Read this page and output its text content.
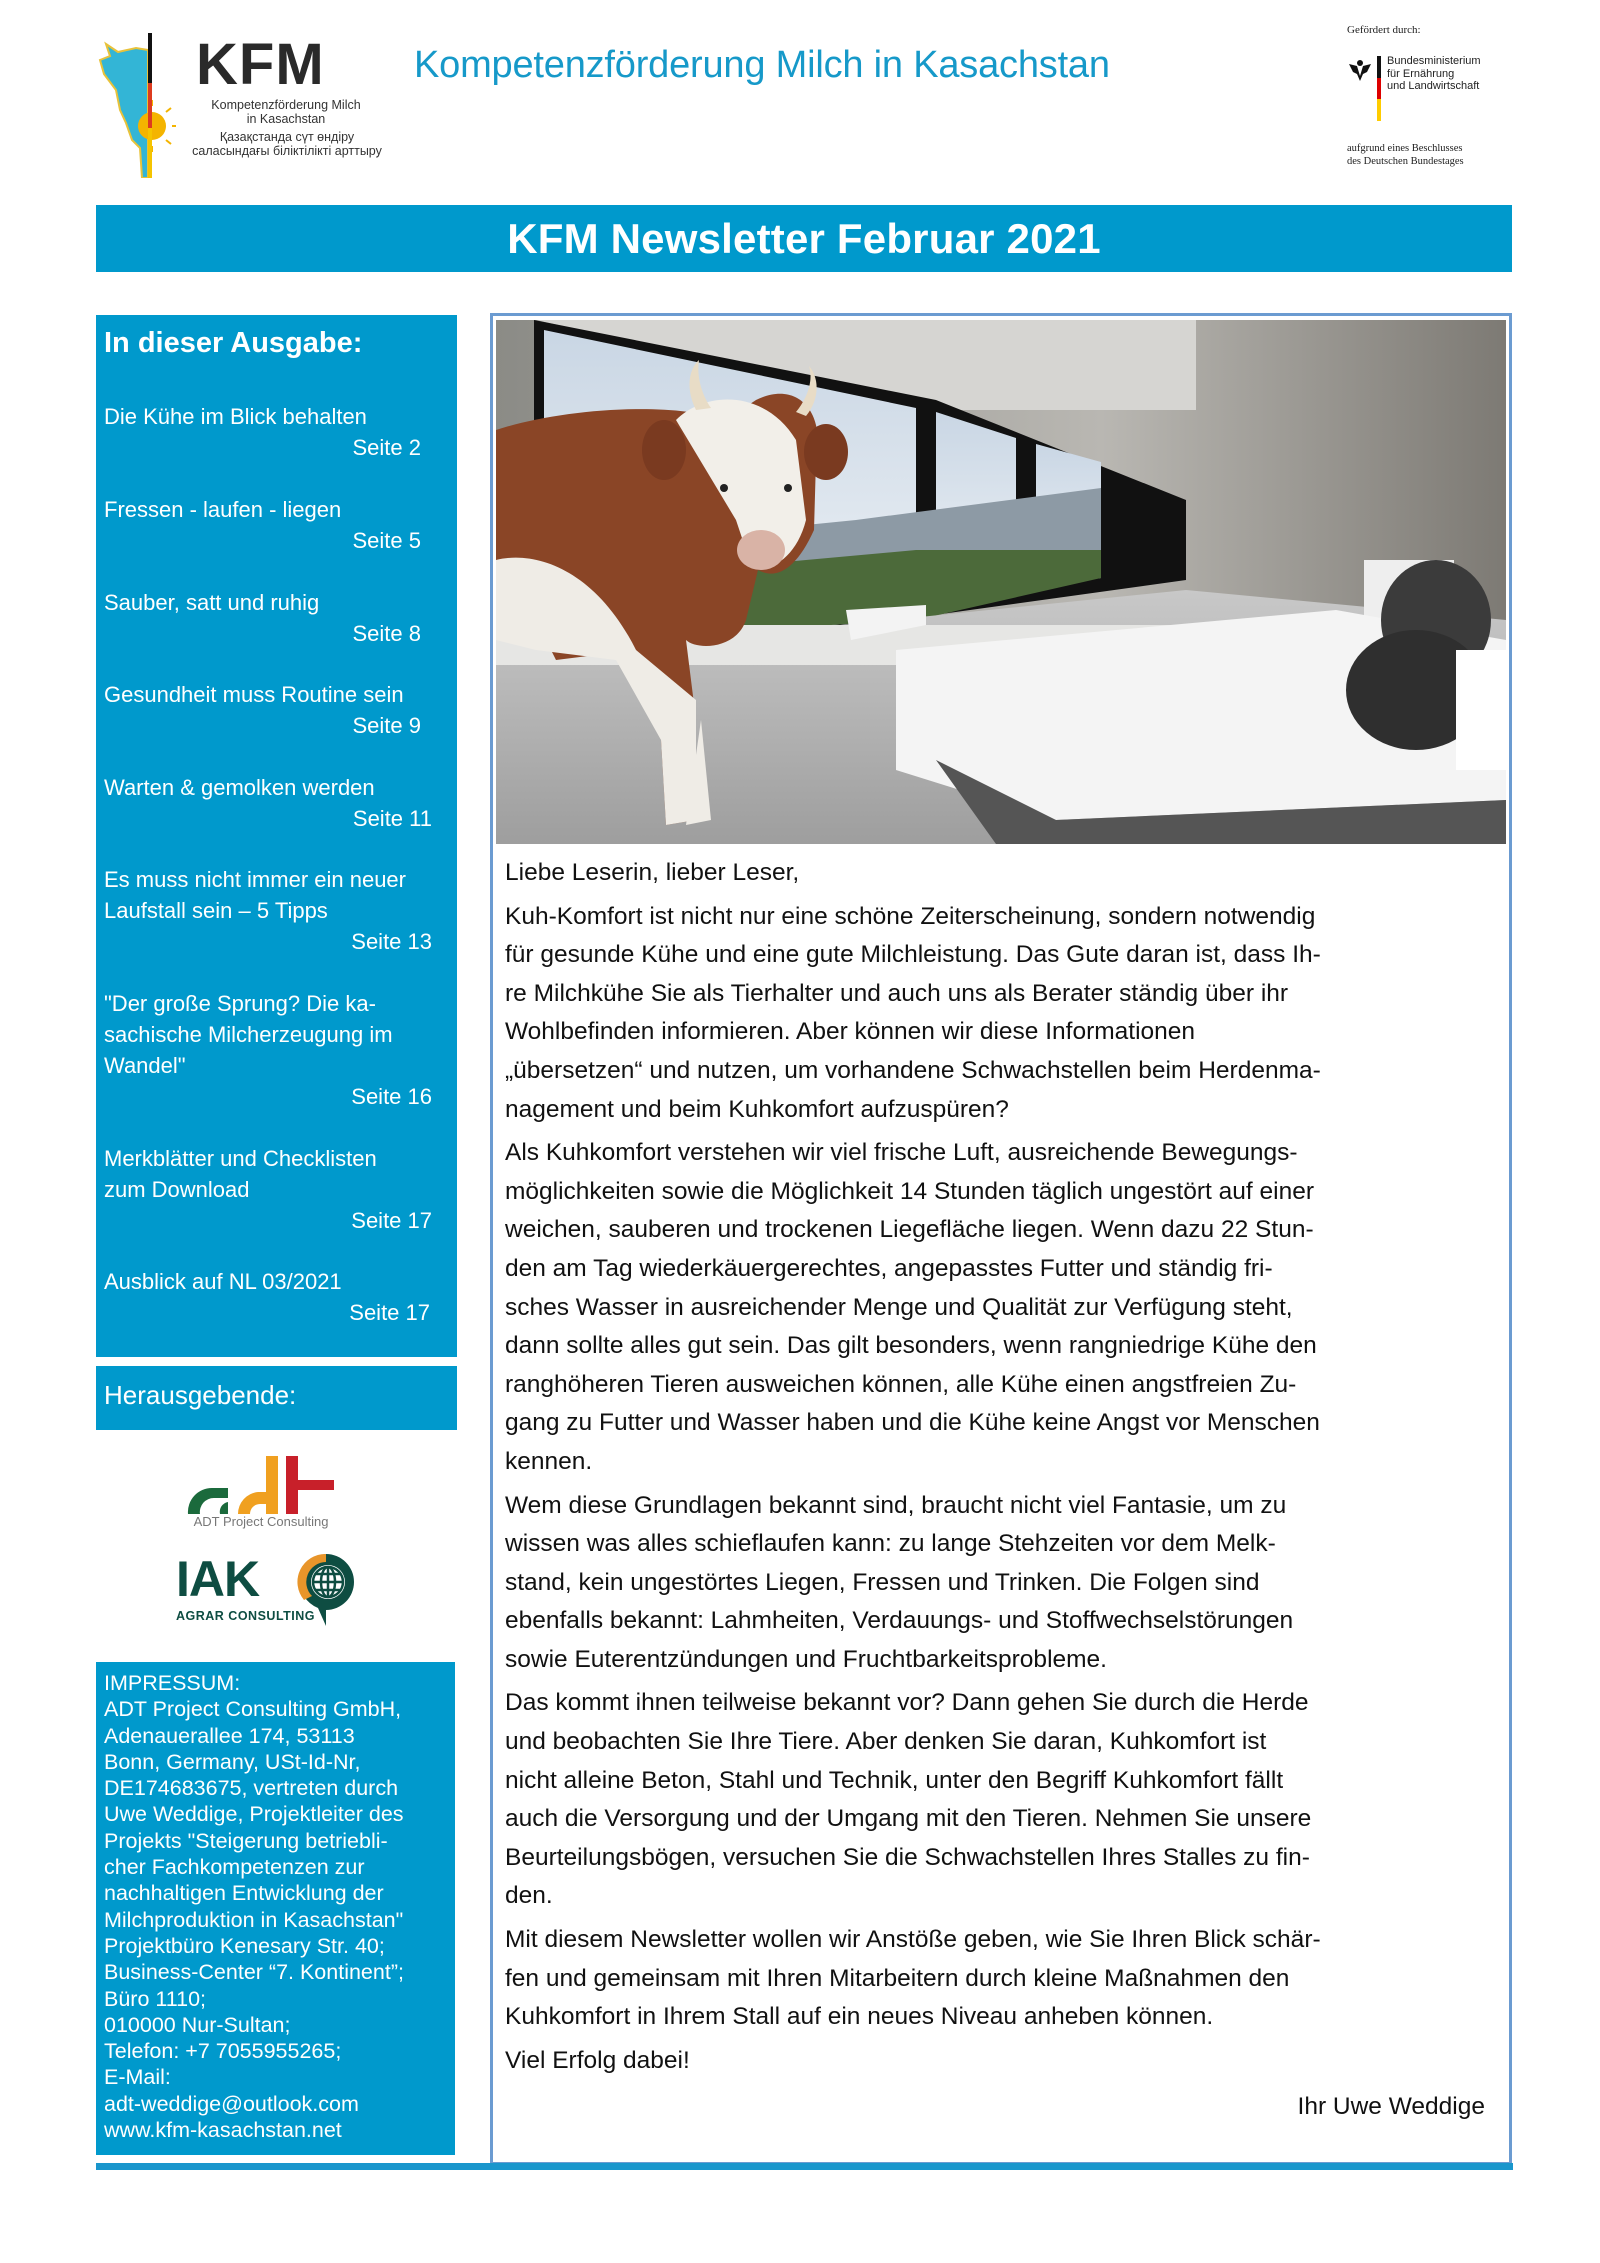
KFM
Kompetenzförderung Milch
in Kasachstan
Қазақстанда сүт өндіру
саласындағы біліктілікті арттыру
Kompetenzförderung Milch in Kasachstan
Gefördert durch:
Bundesministerium
für Ernährung
und Landwirtschaft
aufgrund eines Beschlusses
des Deutschen Bundestages
KFM Newsletter Februar 2021
In dieser Ausgabe:
Die Kühe im Blick behalten
Seite 2
Fressen - laufen - liegen
Seite 5
Sauber, satt und ruhig
Seite 8
Gesundheit muss Routine sein
Seite 9
Warten & gemolken werden
Seite 11
Es muss nicht immer ein neuer
Laufstall sein – 5 Tipps
Seite 13
"Der große Sprung? Die ka-
sachische Milcherzeugung im
Wandel"
Seite 16
Merkblätter und Checklisten
zum Download
Seite 17
Ausblick auf NL 03/2021
Seite 17
Herausgebende:
ADT Project Consulting
IAK
AGRAR CONSULTING
IMPRESSUM:
ADT Project Consulting GmbH,
Adenauerallee 174, 53113
Bonn, Germany, USt-Id-Nr,
DE174683675, vertreten durch
Uwe Weddige, Projektleiter des
Projekts "Steigerung betriebli-
cher Fachkompetenzen zur
nachhaltigen Entwicklung der
Milchproduktion in Kasachstan"
Projektbüro Kenesary Str. 40;
Business-Center “7. Kontinent”;
Büro 1110;
010000 Nur-Sultan;
Telefon: +7 7055955265;
E-Mail:
adt-weddige@outlook.com
www.kfm-kasachstan.net

Liebe Leserin, lieber Leser,

Kuh-Komfort ist nicht nur eine schöne Zeiterscheinung, sondern notwendig
für gesunde Kühe und eine gute Milchleistung. Das Gute daran ist, dass Ih-
re Milchkühe Sie als Tierhalter und auch uns als Berater ständig über ihr
Wohlbefinden informieren. Aber können wir diese Informationen
„übersetzen“ und nutzen, um vorhandene Schwachstellen beim Herdenma-
nagement und beim Kuhkomfort aufzuspüren?

Als Kuhkomfort verstehen wir viel frische Luft, ausreichende Bewegungs-
möglichkeiten sowie die Möglichkeit 14 Stunden täglich ungestört auf einer
weichen, sauberen und trockenen Liegefläche liegen. Wenn dazu 22 Stun-
den am Tag wiederkäuergerechtes, angepasstes Futter und ständig fri-
sches Wasser in ausreichender Menge und Qualität zur Verfügung steht,
dann sollte alles gut sein. Das gilt besonders, wenn rangniedrige Kühe den
ranghöheren Tieren ausweichen können, alle Kühe einen angstfreien Zu-
gang zu Futter und Wasser haben und die Kühe keine Angst vor Menschen
kennen.

Wem diese Grundlagen bekannt sind, braucht nicht viel Fantasie, um zu
wissen was alles schieflaufen kann: zu lange Stehzeiten vor dem Melk-
stand, kein ungestörtes Liegen, Fressen und Trinken. Die Folgen sind
ebenfalls bekannt: Lahmheiten, Verdauungs- und Stoffwechselstörungen
sowie Euterentzündungen und Fruchtbarkeitsprobleme.

Das kommt ihnen teilweise bekannt vor? Dann gehen Sie durch die Herde
und beobachten Sie Ihre Tiere. Aber denken Sie daran, Kuhkomfort ist
nicht alleine Beton, Stahl und Technik, unter den Begriff Kuhkomfort fällt
auch die Versorgung und der Umgang mit den Tieren. Nehmen Sie unsere
Beurteilungsbögen, versuchen Sie die Schwachstellen Ihres Stalles zu fin-
den.

Mit diesem Newsletter wollen wir Anstöße geben, wie Sie Ihren Blick schär-
fen und gemeinsam mit Ihren Mitarbeitern durch kleine Maßnahmen den
Kuhkomfort in Ihrem Stall auf ein neues Niveau anheben können.

Viel Erfolg dabei!

Ihr Uwe Weddige
